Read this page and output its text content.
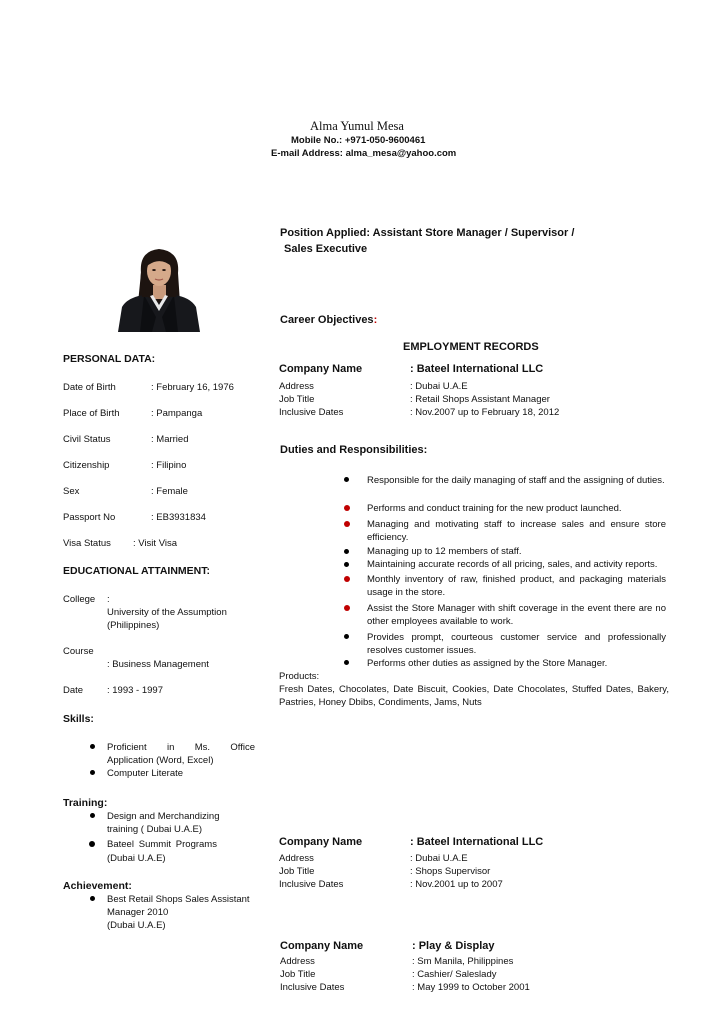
Alma Yumul Mesa
Mobile No.: +971-050-9600461
E-mail Address: alma_mesa@yahoo.com
PERSONAL DATA:
Date of Birth	: February 16, 1976
Place of Birth	: Pampanga
Civil Status	: Married
Citizenship	: Filipino
Sex	: Female
Passport No	: EB3931834
Visa Status : Visit Visa
EDUCATIONAL ATTAINMENT:
College :
University of the Assumption
(Philippines)
Course
: Business Management
Date	: 1993 - 1997
Skills:
Proficient in Ms. Office
Application (Word, Excel)
Computer Literate
Training:
Design and Merchandizing
training ( Dubai U.A.E)
Bateel Summit Programs
(Dubai U.A.E)
Achievement:
Best Retail Shops Sales Assistant
Manager 2010
(Dubai U.A.E)
Position Applied: Assistant Store Manager / Supervisor /
Sales Executive
Career Objectives:
EMPLOYMENT RECORDS
Company Name	: Bateel International LLC
Address	: Dubai U.A.E
Job Title	: Retail Shops Assistant Manager
Inclusive Dates	: Nov.2007 up to February 18, 2012
Duties and Responsibilities:
Responsible for the daily managing of staff and the assigning of duties.
Performs and conduct training for the new product launched.
Managing and motivating staff to increase sales and ensure store efficiency.
Managing up to 12 members of staff.
Maintaining accurate records of all pricing, sales, and activity reports.
Monthly inventory of raw, finished product, and packaging materials usage in the store.
Assist the Store Manager with shift coverage in the event there are no other employees available to work.
Provides prompt, courteous customer service and professionally resolves customer issues.
Performs other duties as assigned by the Store Manager.
Products:
Fresh Dates, Chocolates, Date Biscuit, Cookies, Date Chocolates, Stuffed Dates, Bakery,
Pastries, Honey Dbibs, Condiments, Jams, Nuts
Company Name	: Bateel International LLC
Address	: Dubai U.A.E
Job Title	: Shops Supervisor
Inclusive Dates	: Nov.2001 up to 2007
Company Name	: Play & Display
Address	: Sm Manila, Philippines
Job Title	: Cashier/ Saleslady
Inclusive Dates	: May 1999 to October 2001
